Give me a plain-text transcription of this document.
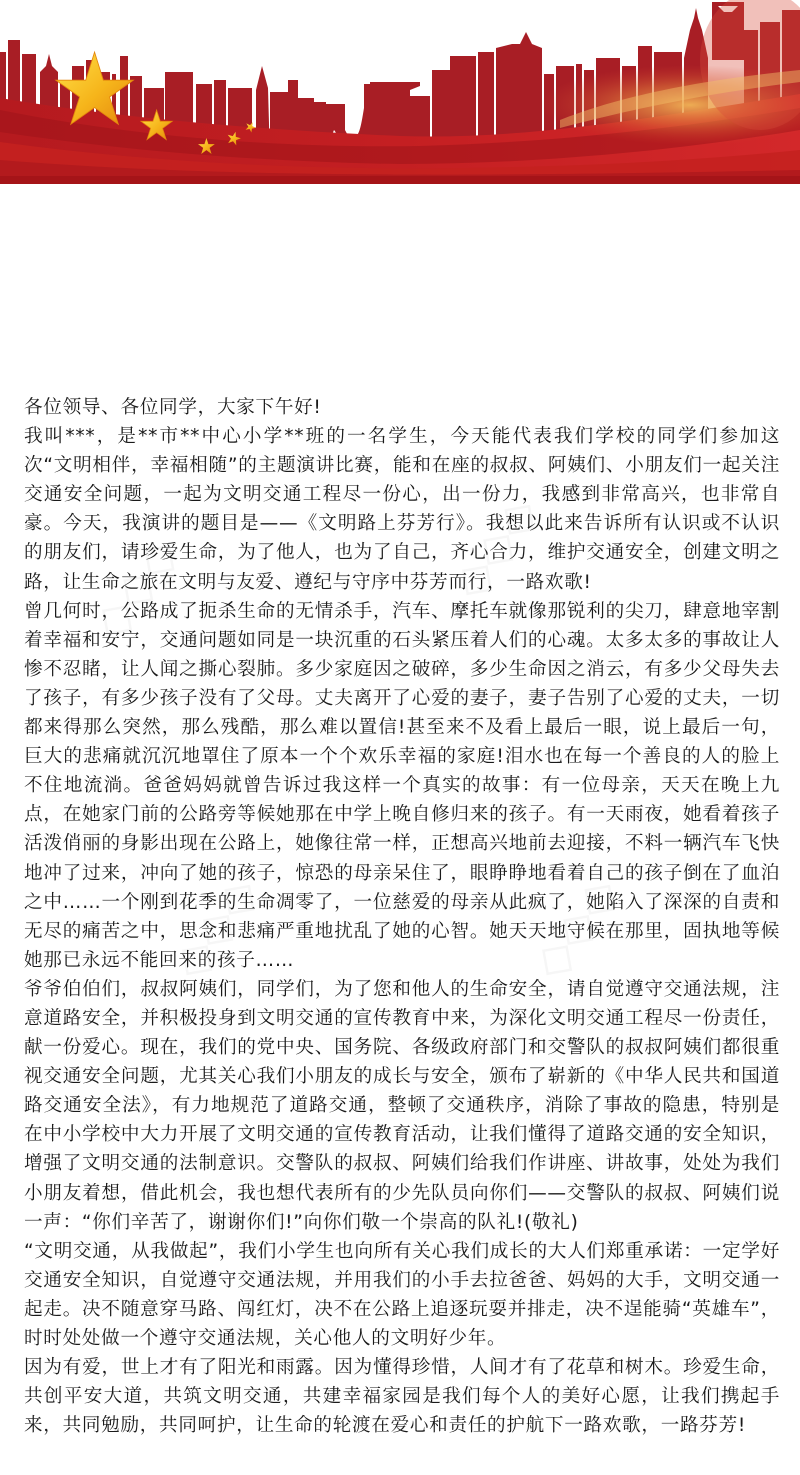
各位领导、各位同学，大家下午好!

我叫***，是**市**中心小学**班的一名学生，今天能代表我们学校的同学们参加这次“文明相伴，幸福相随”的主题演讲比赛，能和在座的叔叔、阿姨们、小朋友们一起关注交通安全问题，一起为文明交通工程尽一份心，出一份力，我感到非常高兴，也非常自豪。今天，我演讲的题目是——《文明路上芬芳行》。我想以此来告诉所有认识或不认识的朋友们，请珍爱生命，为了他人，也为了自己，齐心合力，维护交通安全，创建文明之路，让生命之旅在文明与友爱、遵纪与守序中芬芳而行，一路欢歌!

曾几何时，公路成了扼杀生命的无情杀手，汽车、摩托车就像那锐利的尖刀，肆意地宰割着幸福和安宁，交通问题如同是一块沉重的石头紧压着人们的心魂。太多太多的事故让人惨不忍睹，让人闻之撕心裂肺。多少家庭因之破碎，多少生命因之消云，有多少父母失去了孩子，有多少孩子没有了父母。丈夫离开了心爱的妻子，妻子告别了心爱的丈夫，一切都来得那么突然，那么残酷，那么难以置信!甚至来不及看上最后一眼，说上最后一句，巨大的悲痛就沉沉地罩住了原本一个个欢乐幸福的家庭!泪水也在每一个善良的人的脸上不住地流淌。爸爸妈妈就曾告诉过我这样一个真实的故事：有一位母亲，天天在晚上九点，在她家门前的公路旁等候她那在中学上晚自修归来的孩子。有一天雨夜，她看着孩子活泼俏丽的身影出现在公路上，她像往常一样，正想高兴地前去迎接，不料一辆汽车飞快地冲了过来，冲向了她的孩子，惊恐的母亲呆住了，眼睁睁地看着自己的孩子倒在了血泊之中……一个刚到花季的生命凋零了，一位慈爱的母亲从此疯了，她陷入了深深的自责和无尽的痛苦之中，思念和悲痛严重地扰乱了她的心智。她天天地守候在那里，固执地等候她那已永远不能回来的孩子……

爷爷伯伯们，叔叔阿姨们，同学们，为了您和他人的生命安全，请自觉遵守交通法规，注意道路安全，并积极投身到文明交通的宣传教育中来，为深化文明交通工程尽一份责任，献一份爱心。现在，我们的党中央、国务院、各级政府部门和交警队的叔叔阿姨们都很重视交通安全问题，尤其关心我们小朋友的成长与安全，颁布了崭新的《中华人民共和国道路交通安全法》，有力地规范了道路交通，整顿了交通秩序，消除了事故的隐患，特别是在中小学校中大力开展了文明交通的宣传教育活动，让我们懂得了道路交通的安全知识，增强了文明交通的法制意识。交警队的叔叔、阿姨们给我们作讲座、讲故事，处处为我们小朋友着想，借此机会，我也想代表所有的少先队员向你们——交警队的叔叔、阿姨们说一声：“你们辛苦了，谢谢你们!”向你们敬一个崇高的队礼!(敬礼)

“文明交通，从我做起”，我们小学生也向所有关心我们成长的大人们郑重承诺：一定学好交通安全知识，自觉遵守交通法规，并用我们的小手去拉爸爸、妈妈的大手，文明交通一起走。决不随意穿马路、闯红灯，决不在公路上追逐玩耍并排走，决不逞能骑“英雄车”，时时处处做一个遵守交通法规，关心他人的文明好少年。

因为有爱，世上才有了阳光和雨露。因为懂得珍惜，人间才有了花草和树木。珍爱生命，共创平安大道，共筑文明交通，共建幸福家园是我们每个人的美好心愿，让我们携起手来，共同勉励，共同呵护，让生命的轮渡在爱心和责任的护航下一路欢歌，一路芬芳!
